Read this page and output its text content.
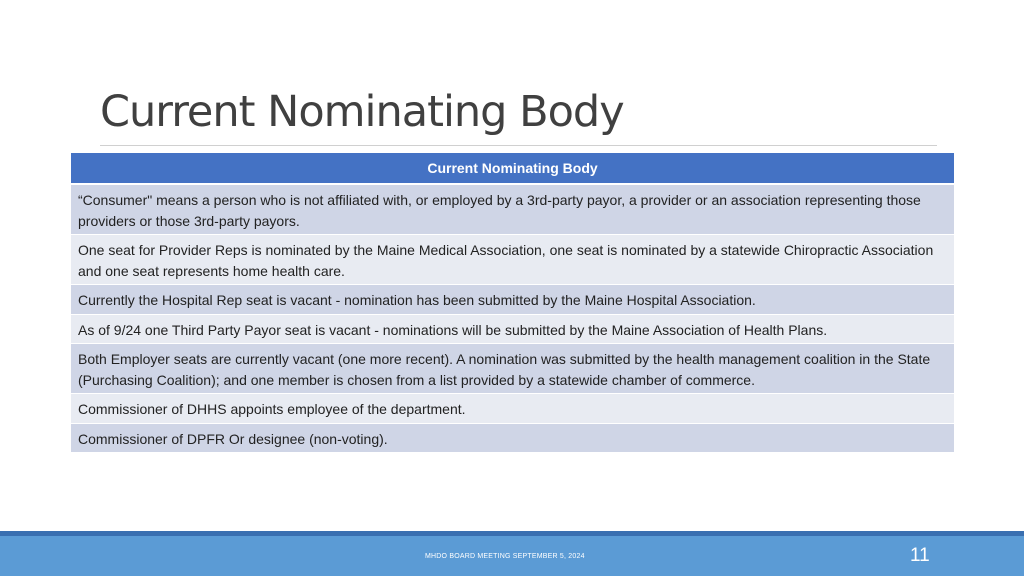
Current Nominating Body
Current Nominating Body
“Consumer" means a person who is not affiliated with, or employed by a 3rd-party payor, a provider or an association representing those providers or those 3rd-party payors.
One seat for Provider Reps is nominated by the Maine Medical Association, one seat is nominated by a statewide Chiropractic Association and one seat represents home health care.
Currently the Hospital Rep seat is vacant - nomination has been submitted by the Maine Hospital Association.
As of 9/24 one Third Party Payor seat is vacant - nominations will be submitted by the Maine Association of Health Plans.
Both Employer seats are currently vacant (one more recent). A nomination was submitted by the health management coalition in the State (Purchasing Coalition); and one member is chosen from a list provided by a statewide chamber of commerce.
Commissioner of DHHS appoints employee of the department.
Commissioner of DPFR Or designee (non-voting).
MHDO BOARD MEETING SEPTEMBER 5, 2024	11
